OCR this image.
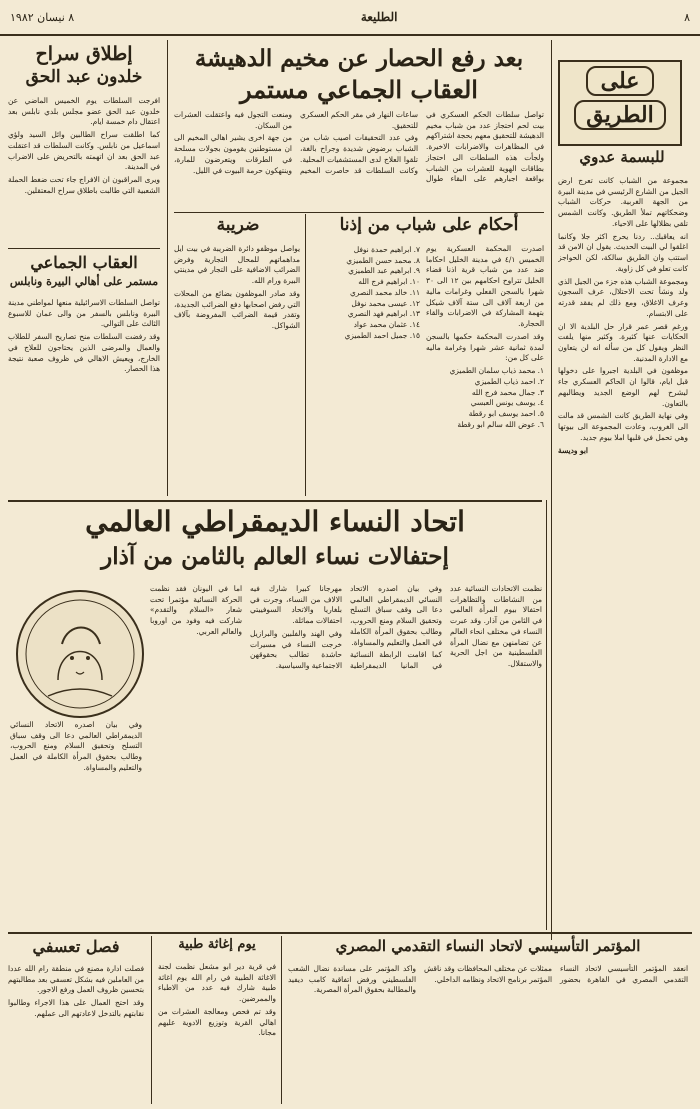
٨
الطليعة
٨ نيسان ١٩٨٢
على
الطريق
للبسمة عدوي

مجموعة من الشباب كانت تعرج ارض الجيل من الشارع الرئيسي في مدينة البيرة من الجهة الغربية. حركات الشباب وضحكاتهم تملأ الطريق. وكانت الشمس تلقي بظلالها على الاحياء.

انه يعاقبك.. ردنا يحرج اكثر جلا وكانما اغلقوا لي البيت الحديث. يقول ان الامن قد استتب وان الطريق سالكة، لكن الحواجز كانت تعلو في كل زاوية.

ومجموعة الشباب هذه جزء من الجيل الذي ولد ونشأ تحت الاحتلال، عرف السجون وعرف الاغلاق، ومع ذلك لم يفقد قدرته على الابتسام.

ورغم قصر عمر قرار حل البلدية الا ان الحكايات عنها كثيرة. وكثير منها يلفت النظر ويقول كل من سأله انه لن يتعاون مع الادارة المدنية.

موظفون في البلدية اجبروا على دخولها قبل ايام، قالوا ان الحاكم العسكري جاء ليشرح لهم الوضع الجديد ويطالبهم بالتعاون.

وفي نهاية الطريق كانت الشمس قد مالت الى الغروب، وعادت المجموعة الى بيوتها وهي تحمل في قلبها املا بيوم جديد.

ابو وديسة

بعد رفع الحصار عن مخيم الدهيشة
العقاب الجماعي مستمر

تواصل سلطات الحكم العسكري في بيت لحم احتجاز عدد من شباب مخيم الدهيشة للتحقيق معهم بحجة اشتراكهم في المظاهرات والاضرابات الاخيرة. ولجأت هذه السلطات الى احتجاز بطاقات الهوية للعشرات من الشباب بواقعة اجبارهم على البقاء طوال ساعات النهار في مقر الحكم العسكري للتحقيق.

وفي عدد التحقيقات اصيب شاب من الشباب برضوض شديدة وجراح بالغة، تلقوا العلاج لدى المستشفيات المحلية. وكانت السلطات قد حاصرت المخيم ومنعت التجول فيه واعتقلت العشرات من السكان.

من جهة اخرى يشير اهالي المخيم الى ان مستوطنين يقومون بجولات مسلحة في الطرقات ويتعرضون للمارة، وينتهكون حرمة البيوت في الليل.

إطلاق سراح
خلدون عبد الحق

افرجت السلطات يوم الخميس الماضي عن خلدون عبد الحق عضو مجلس بلدي نابلس بعد اعتقال دام خمسة ايام.

كما اطلقت سراح الطالبين وائل السيد ولؤي اسماعيل من نابلس. وكانت السلطات قد اعتقلت عبد الحق بعد ان اتهمته بالتحريض على الاضراب في المدينة.

ويرى المراقبون ان الافراج جاء تحت ضغط الحملة الشعبية التي طالبت باطلاق سراح المعتقلين.

أحكام على شباب من إذنا

اصدرت المحكمة العسكرية يوم الخميس ٤/١ في مدينة الخليل احكاما ضد عدد من شباب قرية اذنا قضاء الخليل تتراوح احكامهم بين ١٢ الى ٣٠ شهرا بالسجن الفعلي وغرامات مالية من اربعة آلاف الى ستة آلاف شيكل بتهمة المشاركة في الاضرابات والقاء الحجارة.

وقد اصدرت المحكمة حكمها بالسجن لمدة ثمانية عشر شهرا وغرامة ماليه على كل من:

١. محمد ذياب سلمان الطميزي
٢. احمد ذياب الطميزي
٣. جمال محمد فرج الله
٤. يوسف يونس العبسي
٥. احمد يوسف ابو رقطة
٦. عوض الله سالم ابو رقطة
٧. ابراهيم حمدة نوفل
٨. محمد حسن الطميزي
٩. ابراهيم عبد الطميزي
١٠. ابراهيم فرج الله
١١. خالد محمد النصري
١٢. عيسى محمد نوفل
١٣. ابراهيم فهد النصري
١٤. عثمان محمد عواد
١٥. جميل احمد الطميزي
ضريبة

يواصل موظفو دائرة الضريبة في بيت ايل مداهماتهم للمحال التجارية وفرض الضرائب الاضافية على التجار في مدينتي البيرة ورام الله.

وقد صادر الموظفون بضائع من المحلات التي رفض اصحابها دفع الضرائب الجديدة، وتقدر قيمة الضرائب المفروضة بآلاف الشواكل.

العقاب الجماعي
مستمر على أهالي البيرة ونابلس

تواصل السلطات الاسرائيلية منعها لمواطني مدينة البيرة ونابلس بالسفر من والى عمان للاسبوع الثالث على التوالي.

وقد رفضت السلطات منح تصاريح السفر للطلاب والعمال والمرضى الذين يحتاجون للعلاج في الخارج، ويعيش الاهالي في ظروف صعبة نتيجة هذا الحصار.

اتحاد النساء الديمقراطي العالمي
إحتفالات نساء العالم بالثامن من آذار

نظمت الاتحادات النسائية عدد من النشاطات والتظاهرات احتفالا بيوم المرأة العالمي في الثامن من آذار. وقد عبرت النساء في مختلف انحاء العالم عن تضامنهن مع نضال المرأة الفلسطينية من اجل الحرية والاستقلال.

وفي بيان اصدره الاتحاد النسائي الديمقراطي العالمي دعا الى وقف سباق التسلح وتحقيق السلام ومنع الحروب، وطالب بحقوق المرأة الكاملة في العمل والتعليم والمساواة.

كما اقامت الرابطة النسائية في المانيا الديمقراطية مهرجانا كبيرا شارك فيه الالاف من النساء، وجرت في بلغاريا والاتحاد السوفييتي احتفالات مماثلة.

وفي الهند والفلبين والبرازيل خرجت النساء في مسيرات حاشدة تطالب بحقوقهن الاجتماعية والسياسية.

اما في اليونان فقد نظمت الحركة النسائية مؤتمرا تحت شعار «السلام والتقدم» شاركت فيه وفود من اوروبا والعالم العربي.

وفي بيان اصدره الاتحاد النسائي الديمقراطي العالمي دعا الى وقف سباق التسلح وتحقيق السلام ومنع الحروب، وطالب بحقوق المرأة الكاملة في العمل والتعليم والمساواة.

المؤتمر التأسيسي لاتحاد النساء التقدمي المصري

انعقد المؤتمر التأسيسي لاتحاد النساء التقدمي المصري في القاهرة بحضور ممثلات عن مختلف المحافظات وقد ناقش المؤتمر برنامج الاتحاد ونظامه الداخلي.

واكد المؤتمر على مساندة نضال الشعب الفلسطيني ورفض اتفاقية كامب ديفيد والمطالبة بحقوق المرأة المصرية.

يوم إغاثة طبية

في قرية دير ابو مشعل نظمت لجنة الاغاثة الطبية في رام الله يوم اغاثة طبية شارك فيه عدد من الاطباء والممرضين.

وقد تم فحص ومعالجة العشرات من اهالي القرية وتوزيع الادوية عليهم مجانا.

فصل تعسفي

فصلت ادارة مصنع في منطقة رام الله عددا من العاملين فيه بشكل تعسفي بعد مطالبتهم بتحسين ظروف العمل ورفع الاجور.

وقد احتج العمال على هذا الاجراء وطالبوا نقابتهم بالتدخل لاعادتهم الى عملهم.
